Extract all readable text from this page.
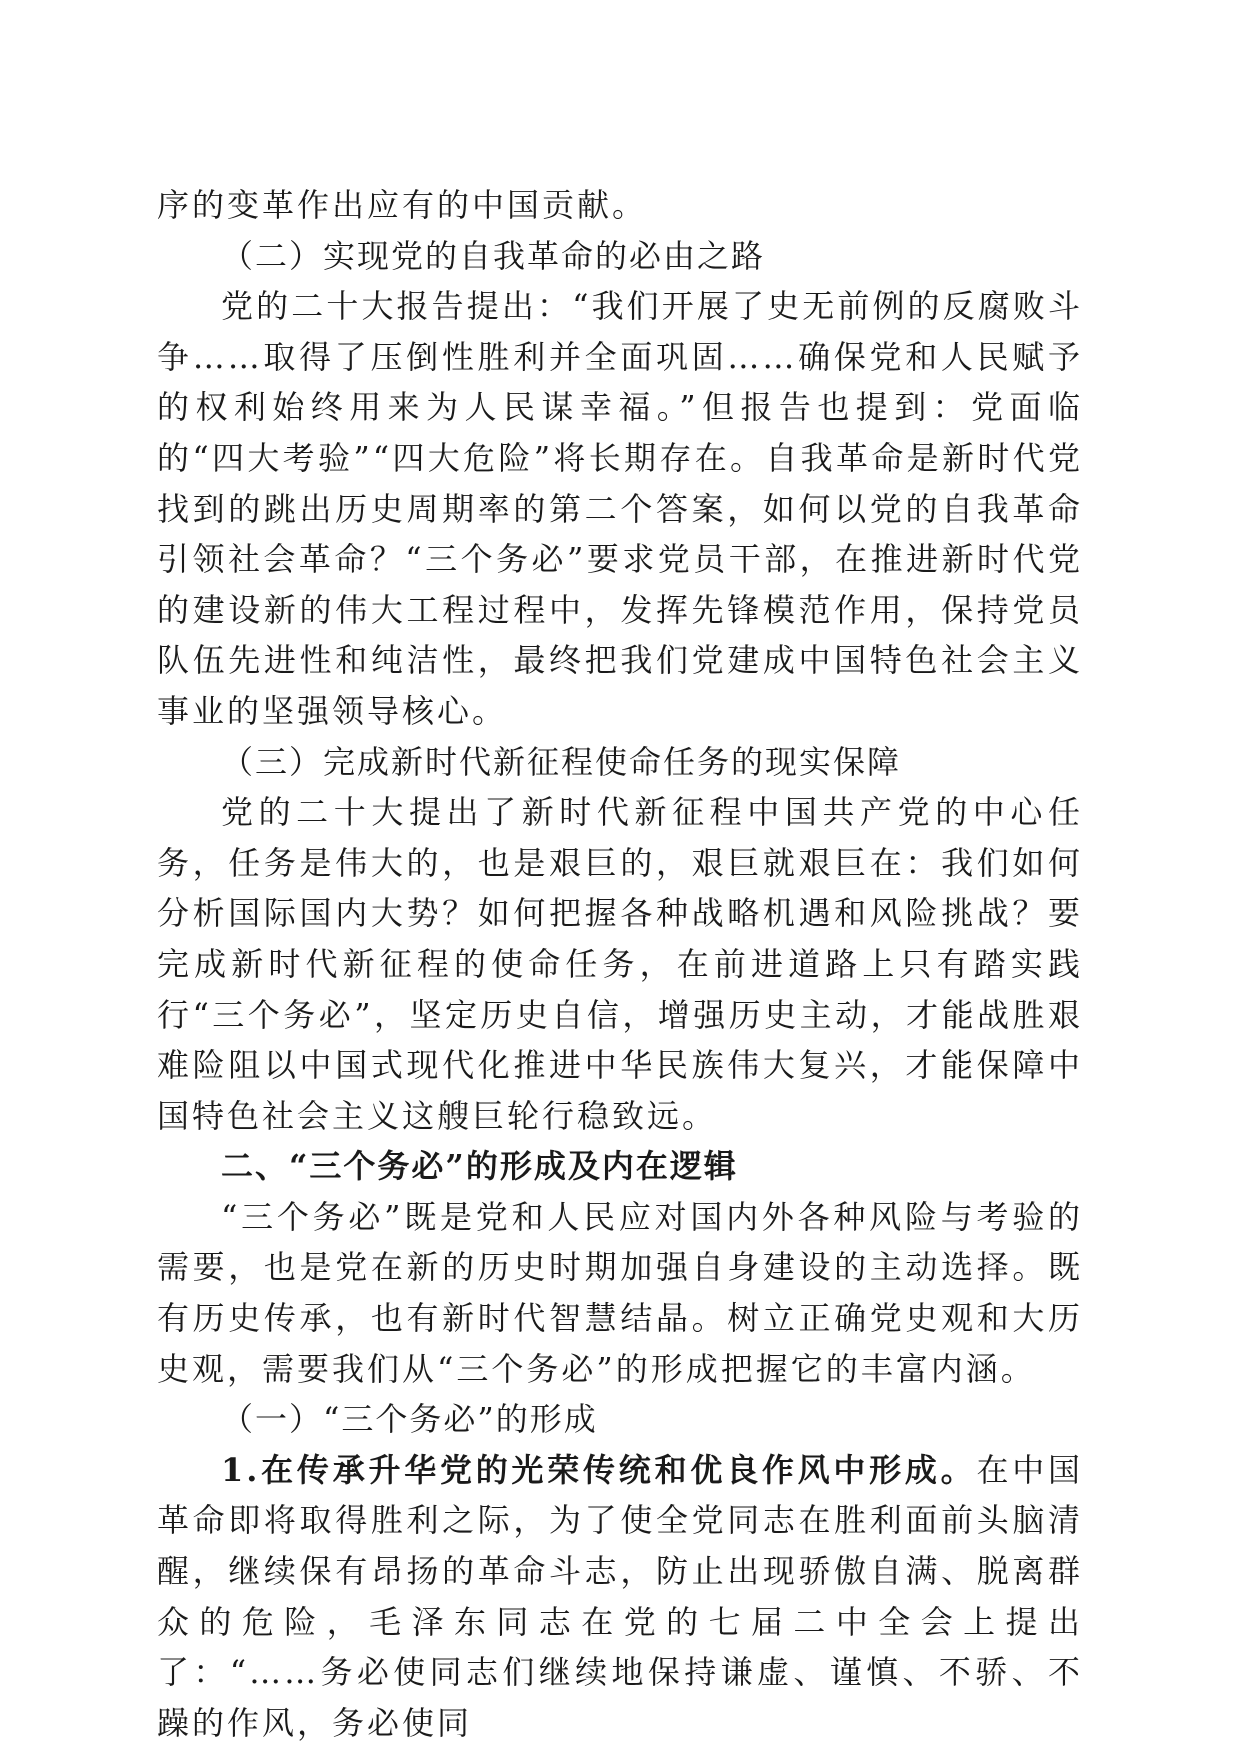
序的变革作出应有的中国贡献。

（二）实现党的自我革命的必由之路

党的二十大报告提出：“我们开展了史无前例的反腐败斗争……取得了压倒性胜利并全面巩固……确保党和人民赋予的权利始终用来为人民谋幸福。”但报告也提到：党面临的“四大考验”“四大危险”将长期存在。自我革命是新时代党找到的跳出历史周期率的第二个答案，如何以党的自我革命引领社会革命？“三个务必”要求党员干部，在推进新时代党的建设新的伟大工程过程中，发挥先锋模范作用，保持党员队伍先进性和纯洁性，最终把我们党建成中国特色社会主义事业的坚强领导核心。

（三）完成新时代新征程使命任务的现实保障

党的二十大提出了新时代新征程中国共产党的中心任务，任务是伟大的，也是艰巨的，艰巨就艰巨在：我们如何分析国际国内大势？如何把握各种战略机遇和风险挑战？要完成新时代新征程的使命任务，在前进道路上只有踏实践行“三个务必”，坚定历史自信，增强历史主动，才能战胜艰难险阻以中国式现代化推进中华民族伟大复兴，才能保障中国特色社会主义这艘巨轮行稳致远。

二、“三个务必”的形成及内在逻辑

“三个务必”既是党和人民应对国内外各种风险与考验的需要，也是党在新的历史时期加强自身建设的主动选择。既有历史传承，也有新时代智慧结晶。树立正确党史观和大历史观，需要我们从“三个务必”的形成把握它的丰富内涵。

（一）“三个务必”的形成

1.在传承升华党的光荣传统和优良作风中形成。在中国革命即将取得胜利之际，为了使全党同志在胜利面前头脑清醒，继续保有昂扬的革命斗志，防止出现骄傲自满、脱离群众的危险，毛泽东同志在党的七届二中全会上提出了：“……务必使同志们继续地保持谦虚、谨慎、不骄、不躁的作风，务必使同
